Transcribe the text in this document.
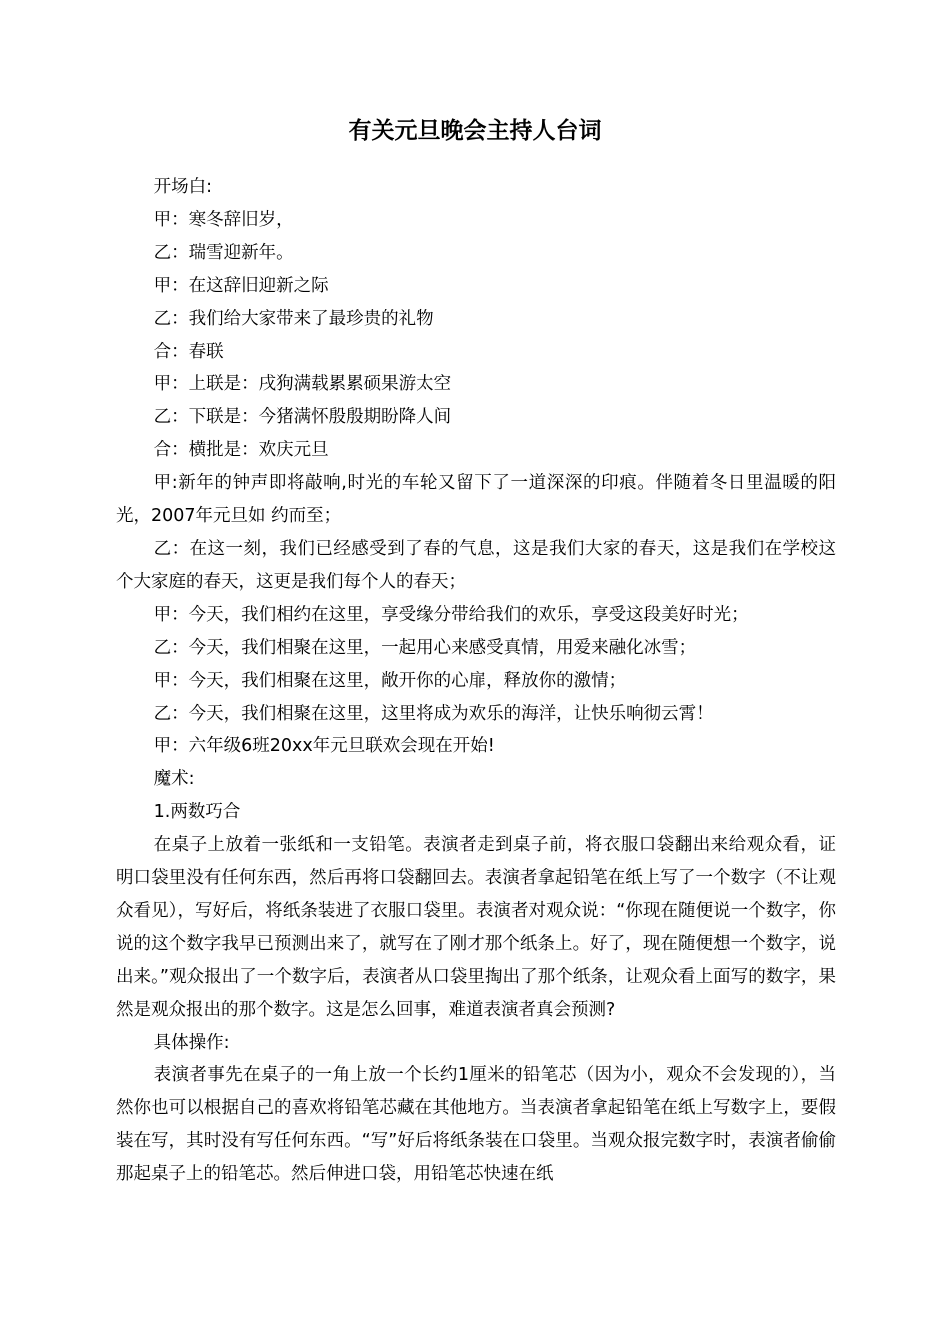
有关元旦晚会主持人台词

开场白:

甲：寒冬辞旧岁，

乙：瑞雪迎新年。

甲：在这辞旧迎新之际

乙：我们给大家带来了最珍贵的礼物

合：春联

甲：上联是：戌狗满载累累硕果游太空

乙：下联是：今猪满怀殷殷期盼降人间

合：横批是：欢庆元旦

甲:新年的钟声即将敲响,时光的车轮又留下了一道深深的印痕。伴随着冬日里温暖的阳光，2007年元旦如 约而至；

乙：在这一刻，我们已经感受到了春的气息，这是我们大家的春天，这是我们在学校这个大家庭的春天，这更是我们每个人的春天；

甲：今天，我们相约在这里，享受缘分带给我们的欢乐，享受这段美好时光；

乙：今天，我们相聚在这里，一起用心来感受真情，用爱来融化冰雪；

甲：今天，我们相聚在这里，敞开你的心扉，释放你的激情；

乙：今天，我们相聚在这里，这里将成为欢乐的海洋，让快乐响彻云霄！

甲：六年级6班20xx年元旦联欢会现在开始!

魔术:

1.两数巧合

在桌子上放着一张纸和一支铅笔。表演者走到桌子前，将衣服口袋翻出来给观众看，证明口袋里没有任何东西，然后再将口袋翻回去。表演者拿起铅笔在纸上写了一个数字（不让观众看见），写好后，将纸条装进了衣服口袋里。表演者对观众说：“你现在随便说一个数字，你说的这个数字我早已预测出来了，就写在了刚才那个纸条上。好了，现在随便想一个数字，说出来。”观众报出了一个数字后，表演者从口袋里掏出了那个纸条，让观众看上面写的数字，果然是观众报出的那个数字。这是怎么回事，难道表演者真会预测?

具体操作:

表演者事先在桌子的一角上放一个长约1厘米的铅笔芯（因为小，观众不会发现的），当然你也可以根据自己的喜欢将铅笔芯藏在其他地方。当表演者拿起铅笔在纸上写数字上，要假装在写，其时没有写任何东西。“写”好后将纸条装在口袋里。当观众报完数字时，表演者偷偷那起桌子上的铅笔芯。然后伸进口袋，用铅笔芯快速在纸
